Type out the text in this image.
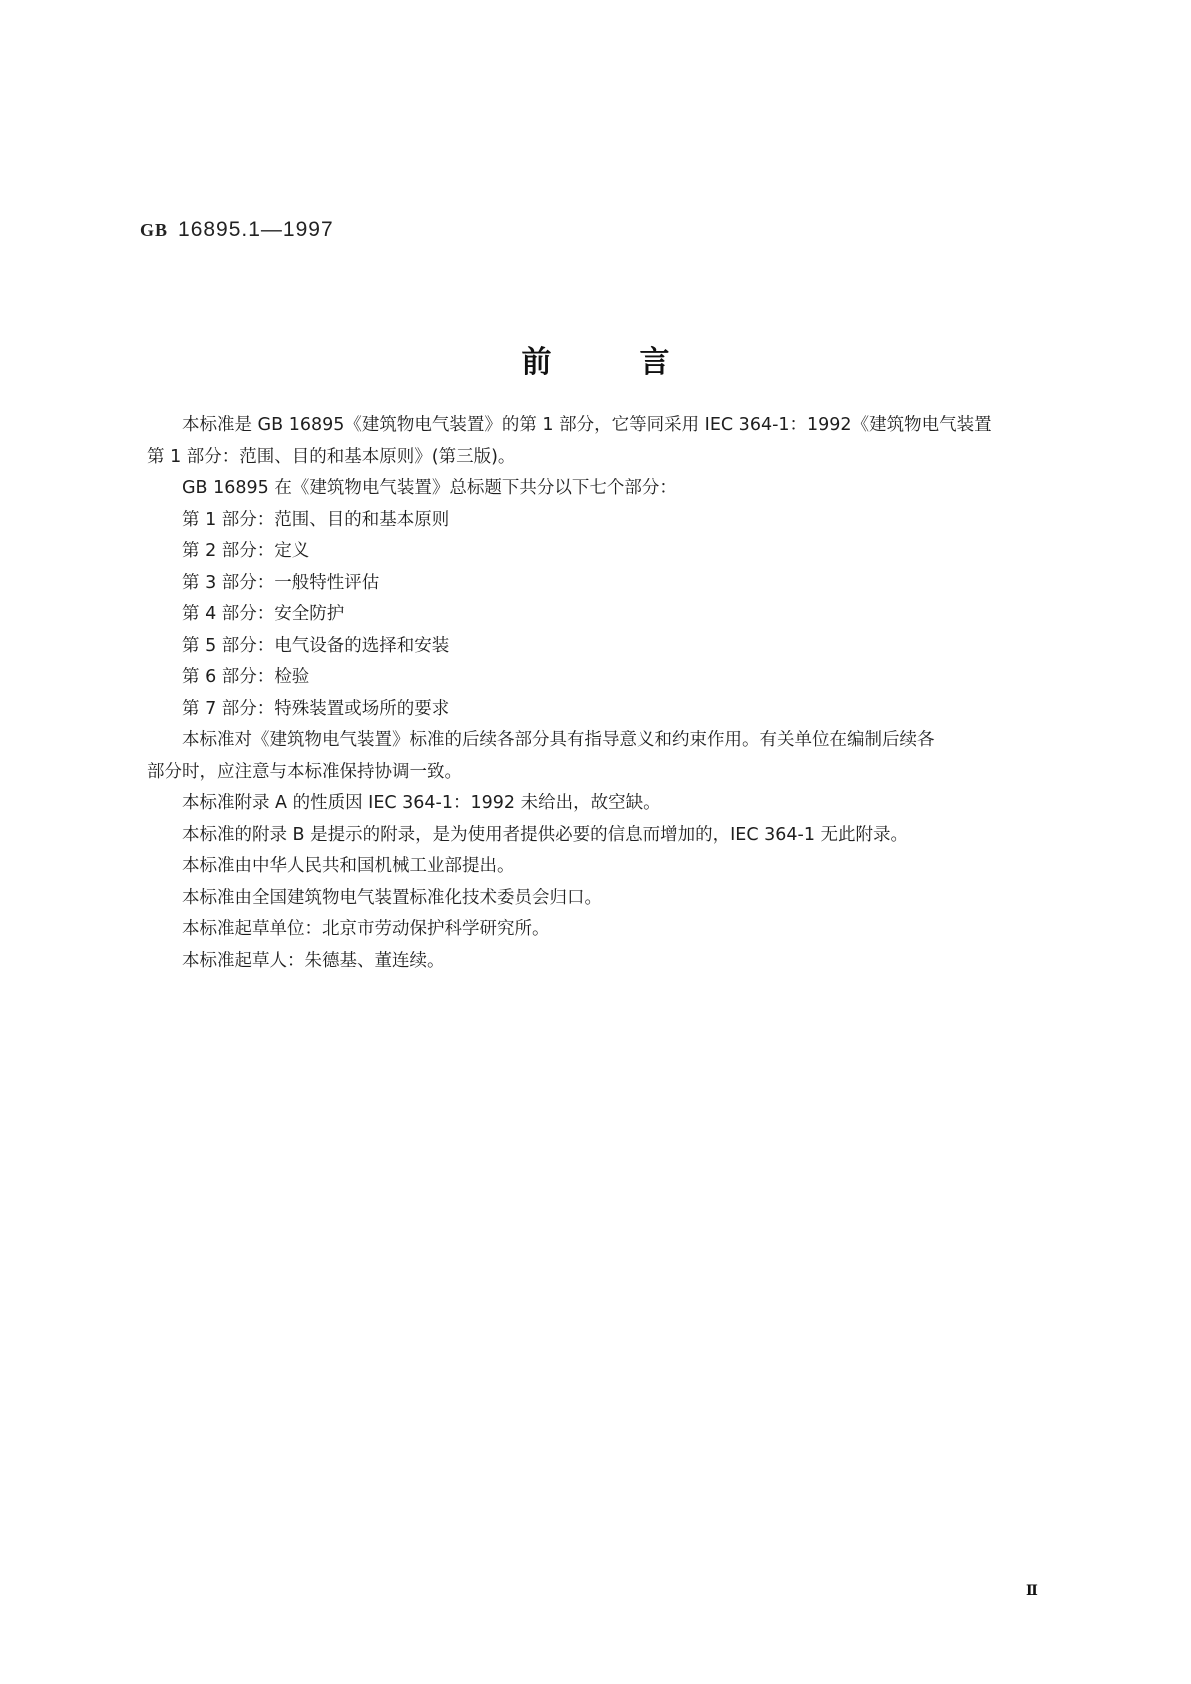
GB 16895.1—1997
前	言

本标准是 GB 16895《建筑物电气装置》的第 1 部分，它等同采用 IEC 364-1：1992《建筑物电气装置

第 1 部分：范围、目的和基本原则》(第三版)。

GB 16895 在《建筑物电气装置》总标题下共分以下七个部分：

第 1 部分：范围、目的和基本原则

第 2 部分：定义

第 3 部分：一般特性评估

第 4 部分：安全防护

第 5 部分：电气设备的选择和安装

第 6 部分：检验

第 7 部分：特殊装置或场所的要求

本标准对《建筑物电气装置》标准的后续各部分具有指导意义和约束作用。有关单位在编制后续各

部分时，应注意与本标准保持协调一致。

本标准附录 A 的性质因 IEC 364-1：1992 未给出，故空缺。

本标准的附录 B 是提示的附录，是为使用者提供必要的信息而增加的，IEC 364-1 无此附录。

本标准由中华人民共和国机械工业部提出。

本标准由全国建筑物电气装置标准化技术委员会归口。

本标准起草单位：北京市劳动保护科学研究所。

本标准起草人：朱德基、董连续。

Ⅱ
